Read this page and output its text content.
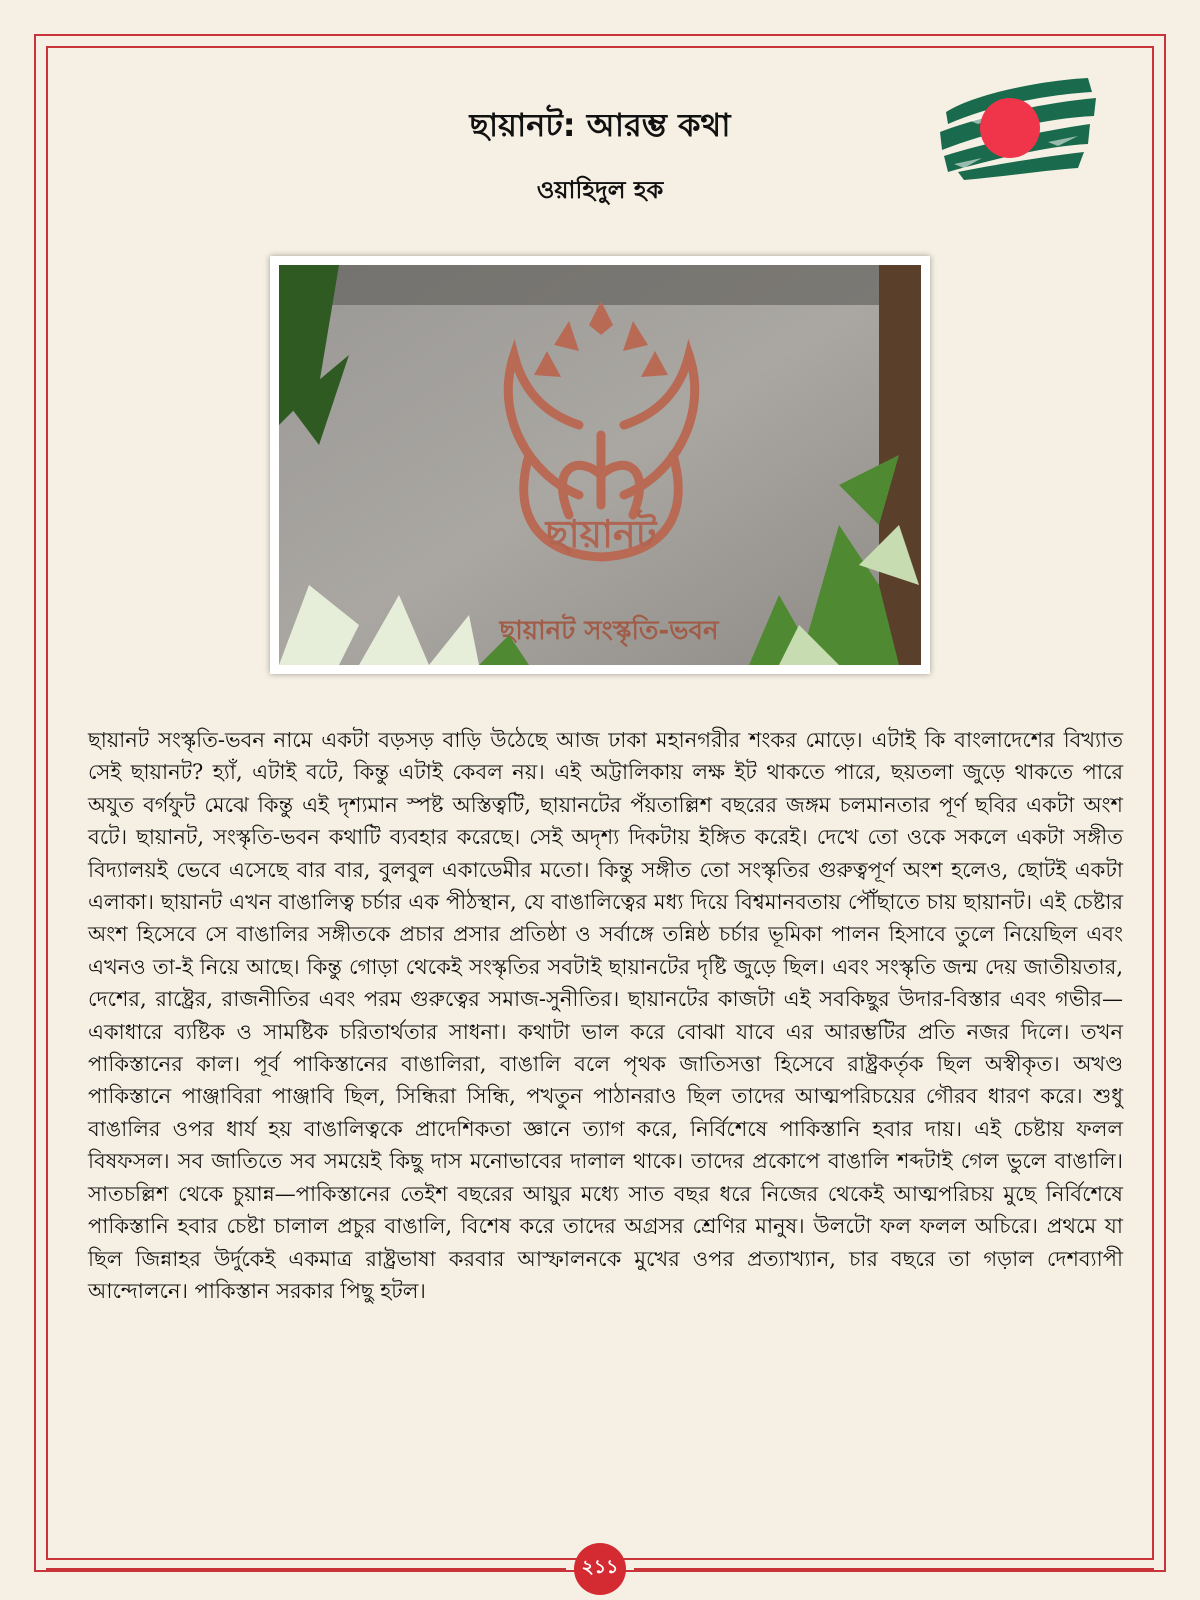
ছায়ানট: আরম্ভ কথা
ওয়াহিদুল হক
ছায়ানট
ছায়ানট সংস্কৃতি-ভবন

ছায়ানট সংস্কৃতি-ভবন নামে একটা বড়সড় বাড়ি উঠেছে আজ ঢাকা মহানগরীর শংকর মোড়ে। এটাই কি বাংলাদেশের বিখ্যাত সেই ছায়ানট? হ্যাঁ, এটাই বটে, কিন্তু এটাই কেবল নয়। এই অট্টালিকায় লক্ষ ইট থাকতে পারে, ছয়তলা জুড়ে থাকতে পারে অযুত বর্গফুট মেঝে কিন্তু এই দৃশ্যমান স্পষ্ট অস্তিত্বটি, ছায়ানটের পঁয়তাল্লিশ বছরের জঙ্গম চলমানতার পূর্ণ ছবির একটা অংশ বটে। ছায়ানট, সংস্কৃতি-ভবন কথাটি ব্যবহার করেছে। সেই অদৃশ্য দিকটায় ইঙ্গিত করেই। দেখে তো ওকে সকলে একটা সঙ্গীত বিদ্যালয়ই ভেবে এসেছে বার বার, বুলবুল একাডেমীর মতো। কিন্তু সঙ্গীত তো সংস্কৃতির গুরুত্বপূর্ণ অংশ হলেও, ছোটই একটা এলাকা। ছায়ানট এখন বাঙালিত্ব চর্চার এক পীঠস্থান, যে বাঙালিত্বের মধ্য দিয়ে বিশ্বমানবতায় পৌঁছাতে চায় ছায়ানট। এই চেষ্টার অংশ হিসেবে সে বাঙালির সঙ্গীতকে প্রচার প্রসার প্রতিষ্ঠা ও সর্বাঙ্গে তন্নিষ্ঠ চর্চার ভূমিকা পালন হিসাবে তুলে নিয়েছিল এবং এখনও তা-ই নিয়ে আছে। কিন্তু গোড়া থেকেই সংস্কৃতির সবটাই ছায়ানটের দৃষ্টি জুড়ে ছিল। এবং সংস্কৃতি জন্ম দেয় জাতীয়তার, দেশের, রাষ্ট্রের, রাজনীতির এবং পরম গুরুত্বের সমাজ-সুনীতির। ছায়ানটের কাজটা এই সবকিছুর উদার-বিস্তার এবং গভীর—একাধারে ব্যষ্টিক ও সামষ্টিক চরিতার্থতার সাধনা। কথাটা ভাল করে বোঝা যাবে এর আরম্ভটির প্রতি নজর দিলে। তখন পাকিস্তানের কাল। পূর্ব পাকিস্তানের বাঙালিরা, বাঙালি বলে পৃথক জাতিসত্তা হিসেবে রাষ্ট্রকর্তৃক ছিল অস্বীকৃত। অখণ্ড পাকিস্তানে পাঞ্জাবিরা পাঞ্জাবি ছিল, সিন্ধিরা সিন্ধি, পখতুন পাঠানরাও ছিল তাদের আত্মপরিচয়ের গৌরব ধারণ করে। শুধু বাঙালির ওপর ধার্য হয় বাঙালিত্বকে প্রাদেশিকতা জ্ঞানে ত্যাগ করে, নির্বিশেষে পাকিস্তানি হবার দায়। এই চেষ্টায় ফলল বিষফসল। সব জাতিতে সব সময়েই কিছু দাস মনোভাবের দালাল থাকে। তাদের প্রকোপে বাঙালি শব্দটাই গেল ভুলে বাঙালি। সাতচল্লিশ থেকে চুয়ান্ন—পাকিস্তানের তেইশ বছরের আয়ুর মধ্যে সাত বছর ধরে নিজের থেকেই আত্মপরিচয় মুছে নির্বিশেষে পাকিস্তানি হবার চেষ্টা চালাল প্রচুর বাঙালি, বিশেষ করে তাদের অগ্রসর শ্রেণির মানুষ। উলটো ফল ফলল অচিরে। প্রথমে যা ছিল জিন্নাহর উর্দুকেই একমাত্র রাষ্ট্রভাষা করবার আস্ফালনকে মুখের ওপর প্রত্যাখ্যান, চার বছরে তা গড়াল দেশব্যাপী আন্দোলনে। পাকিস্তান সরকার পিছু হটল।

২১১
